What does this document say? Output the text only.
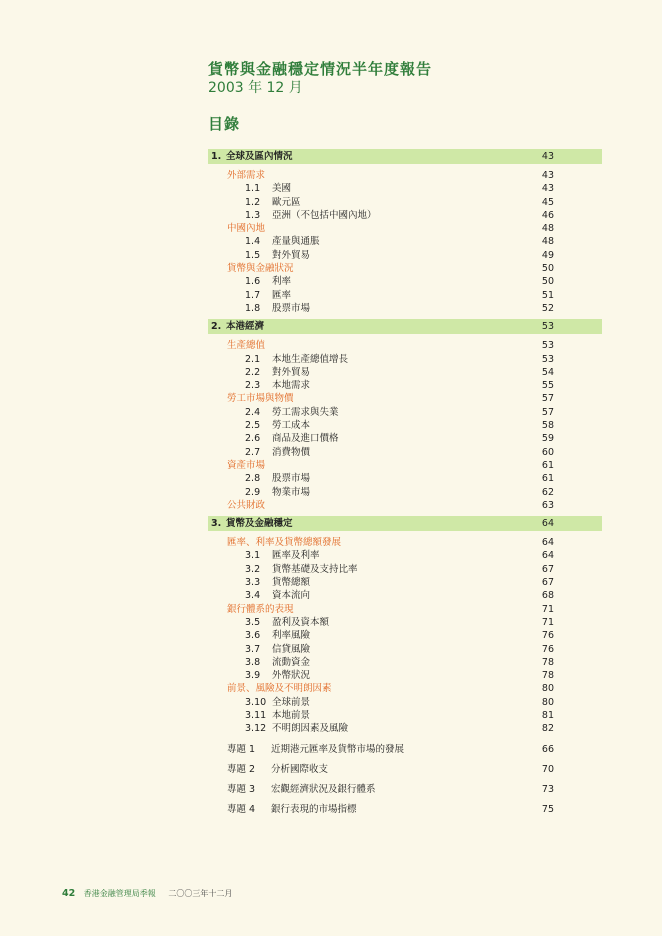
貨幣與金融穩定情況半年度報告
2003 年 12 月
目錄
1. 全球及區內情況	43
外部需求	43
1.1 美國	43
1.2 歐元區	45
1.3 亞洲（不包括中國內地）	46
中國內地	48
1.4 產量與通脹	48
1.5 對外貿易	49
貨幣與金融狀況	50
1.6 利率	50
1.7 匯率	51
1.8 股票市場	52
2. 本港經濟	53
生產總值	53
2.1 本地生產總值增長	53
2.2 對外貿易	54
2.3 本地需求	55
勞工市場與物價	57
2.4 勞工需求與失業	57
2.5 勞工成本	58
2.6 商品及進口價格	59
2.7 消費物價	60
資產市場	61
2.8 股票市場	61
2.9 物業市場	62
公共財政	63
3. 貨幣及金融穩定	64
匯率、利率及貨幣總額發展	64
3.1 匯率及利率	64
3.2 貨幣基礎及支持比率	67
3.3 貨幣總額	67
3.4 資本流向	68
銀行體系的表現	71
3.5 盈利及資本額	71
3.6 利率風險	76
3.7 信貸風險	76
3.8 流動資金	78
3.9 外幣狀況	78
前景、風險及不明朗因素	80
3.10 全球前景	80
3.11 本地前景	81
3.12 不明朗因素及風險	82
專題 1 近期港元匯率及貨幣市場的發展	66
專題 2 分析國際收支	70
專題 3 宏觀經濟狀況及銀行體系	73
專題 4 銀行表現的市場指標	75
42 香港金融管理局季報 二〇〇三年十二月
